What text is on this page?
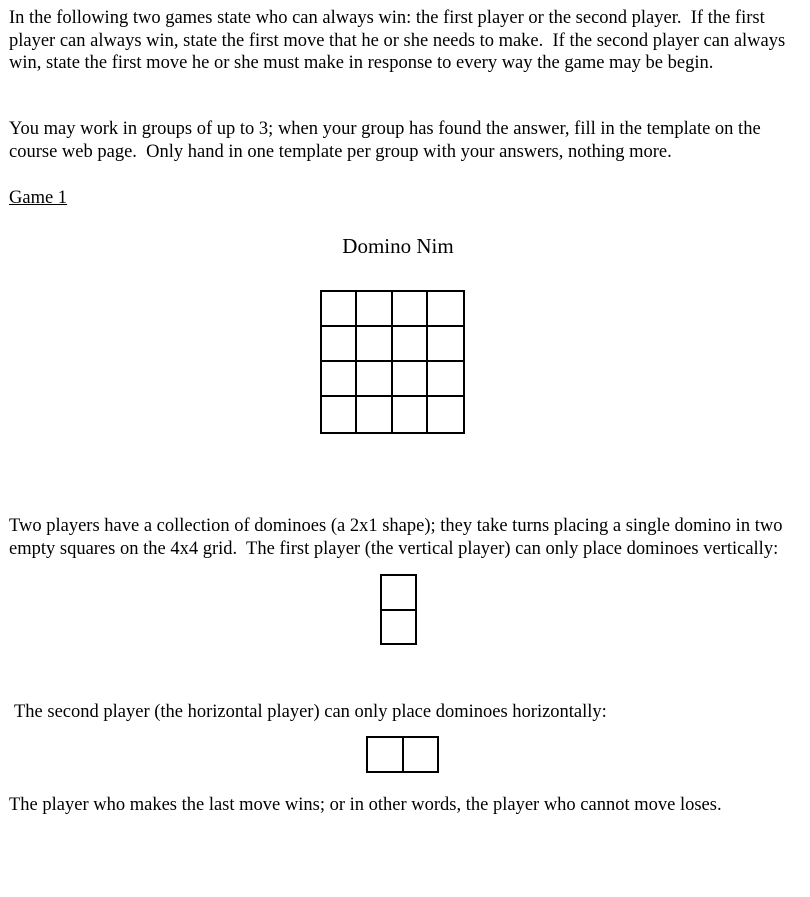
In the following two games state who can always win: the first player or the second player.  If the first player can always win, state the first move that he or she needs to make.  If the second player can always win, state the first move he or she must make in response to every way the game may be begin.

You may work in groups of up to 3; when your group has found the answer, fill in the template on the course web page.  Only hand in one template per group with your answers, nothing more.

Game 1

Domino Nim

Two players have a collection of dominoes (a 2x1 shape); they take turns placing a single domino in two empty squares on the 4x4 grid.  The first player (the vertical player) can only place dominoes vertically:

The second player (the horizontal player) can only place dominoes horizontally:

The player who makes the last move wins; or in other words, the player who cannot move loses.
